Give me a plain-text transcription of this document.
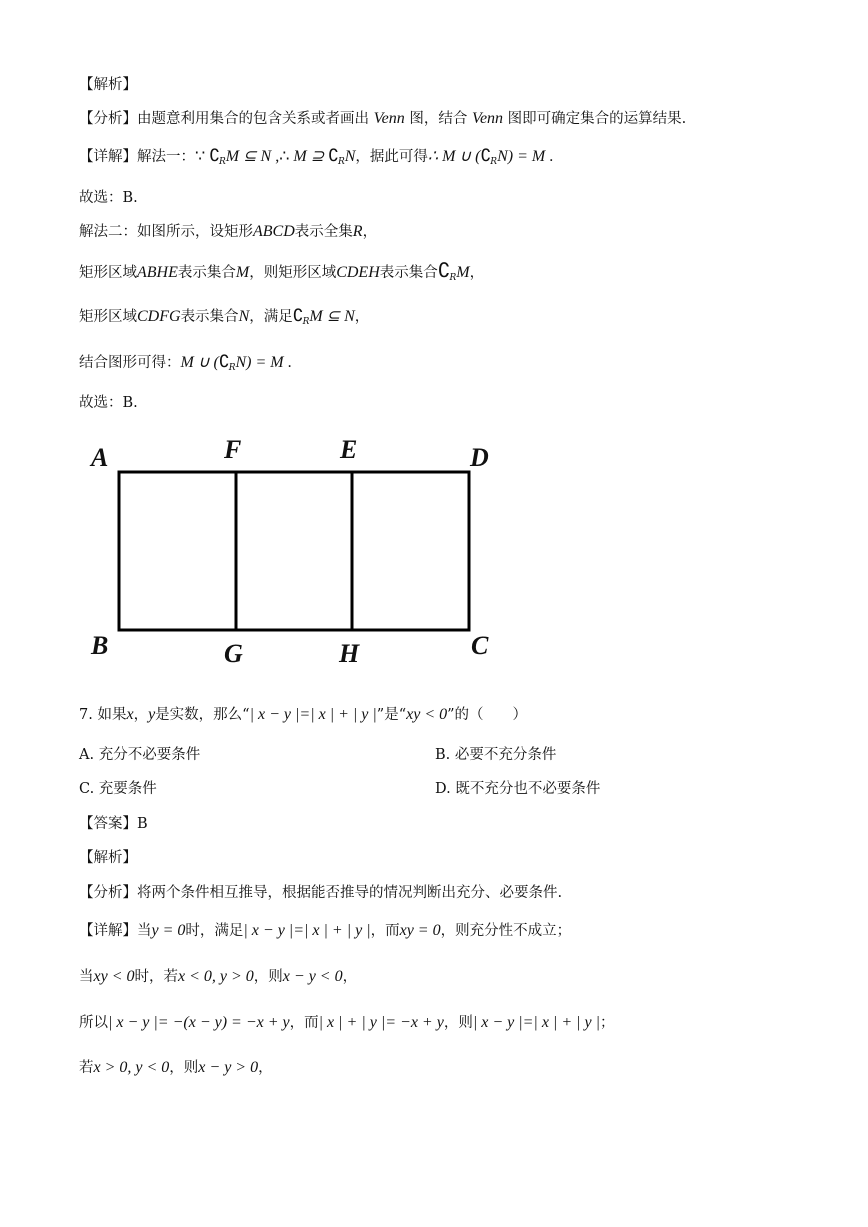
【解析】
【分析】由题意利用集合的包含关系或者画出 Venn 图，结合 Venn 图即可确定集合的运算结果.
【详解】解法一：∵ $∁_RM$ ⊆ N ,∴ M ⊇ $∁_RN$，据此可得∴ M ∪ $(∁_RN) = M$ .
故选：B.
解法二：如图所示，设矩形ABCD表示全集R，
矩形区域ABHE表示集合M，则矩形区域CDEH表示集合$∁_RM$，
矩形区域CDFG表示集合N，满足$∁_RM$ ⊆ N，
结合图形可得：M ∪ $(∁_RN) = M$ .
故选：B.
A	F	E	D
B	G	H	C
7. 如果x，y是实数，那么“| x − y |=| x | + | y |”是“xy < 0”的（　　）
A. 充分不必要条件	B. 必要不充分条件
C. 充要条件	D. 既不充分也不必要条件
【答案】B
【解析】
【分析】将两个条件相互推导，根据能否推导的情况判断出充分、必要条件.
【详解】当y = 0时，满足| x − y |=| x | + | y |，而xy = 0，则充分性不成立；
当xy < 0时，若x < 0, y > 0，则x − y < 0，
所以| x − y |= −(x − y) = −x + y，而| x | + | y |= −x + y，则| x − y |=| x | + | y |；
若x > 0, y < 0，则x − y > 0，
